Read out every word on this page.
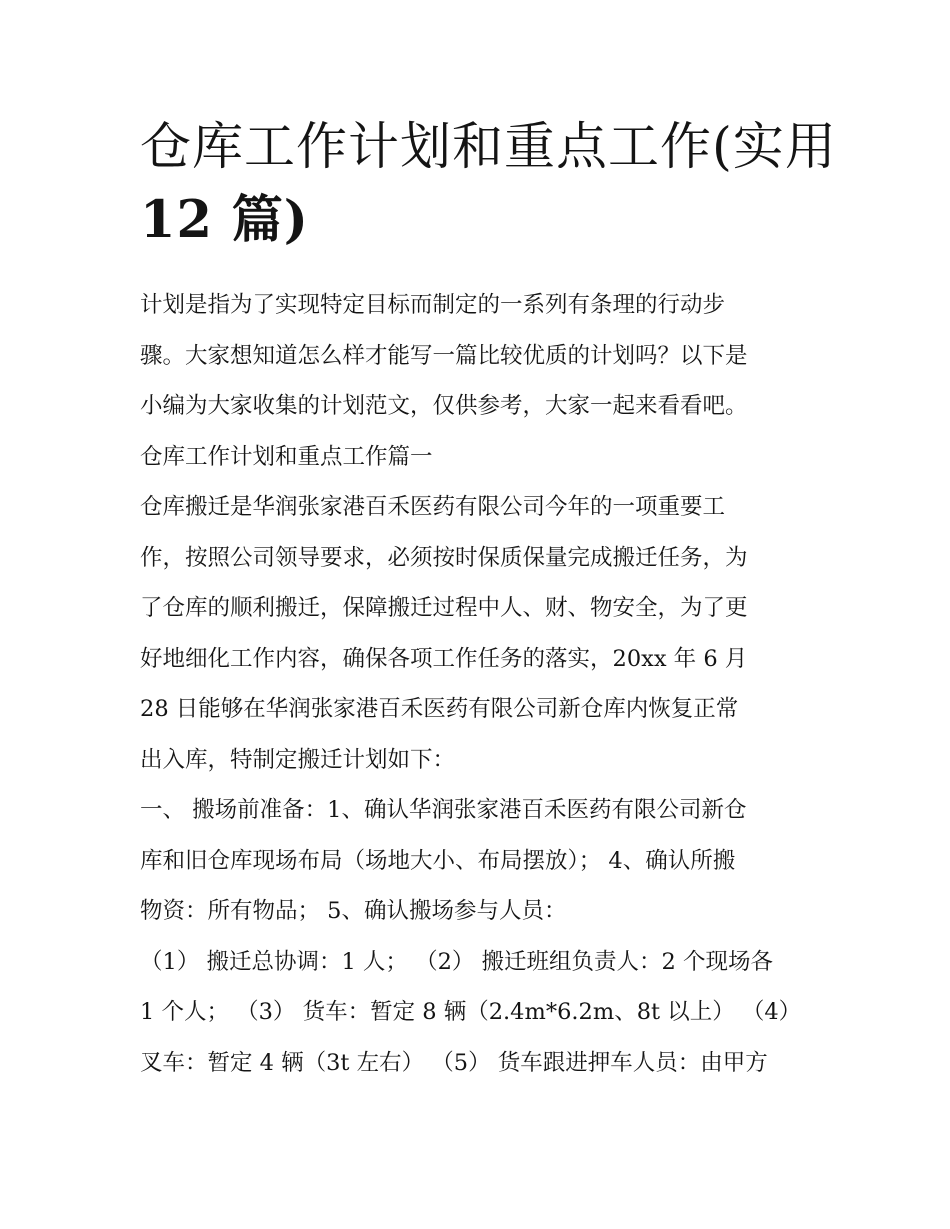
仓库工作计划和重点工作(实用
12 篇)
计划是指为了实现特定目标而制定的一系列有条理的行动步
骤。大家想知道怎么样才能写一篇比较优质的计划吗？以下是
小编为大家收集的计划范文，仅供参考，大家一起来看看吧。
仓库工作计划和重点工作篇一
仓库搬迁是华润张家港百禾医药有限公司今年的一项重要工
作，按照公司领导要求，必须按时保质保量完成搬迁任务，为
了仓库的顺利搬迁，保障搬迁过程中人、财、物安全，为了更
好地细化工作内容，确保各项工作任务的落实，20xx 年 6 月
28 日能够在华润张家港百禾医药有限公司新仓库内恢复正常
出入库，特制定搬迁计划如下：
一、 搬场前准备：1、确认华润张家港百禾医药有限公司新仓
库和旧仓库现场布局（场地大小、布局摆放）； 4、确认所搬
物资：所有物品； 5、确认搬场参与人员：
（1） 搬迁总协调：1 人； （2） 搬迁班组负责人：2 个现场各
1 个人； （3） 货车：暂定 8 辆（2.4m*6.2m、8t 以上） （4）
叉车：暂定 4 辆（3t 左右） （5） 货车跟进押车人员：由甲方
